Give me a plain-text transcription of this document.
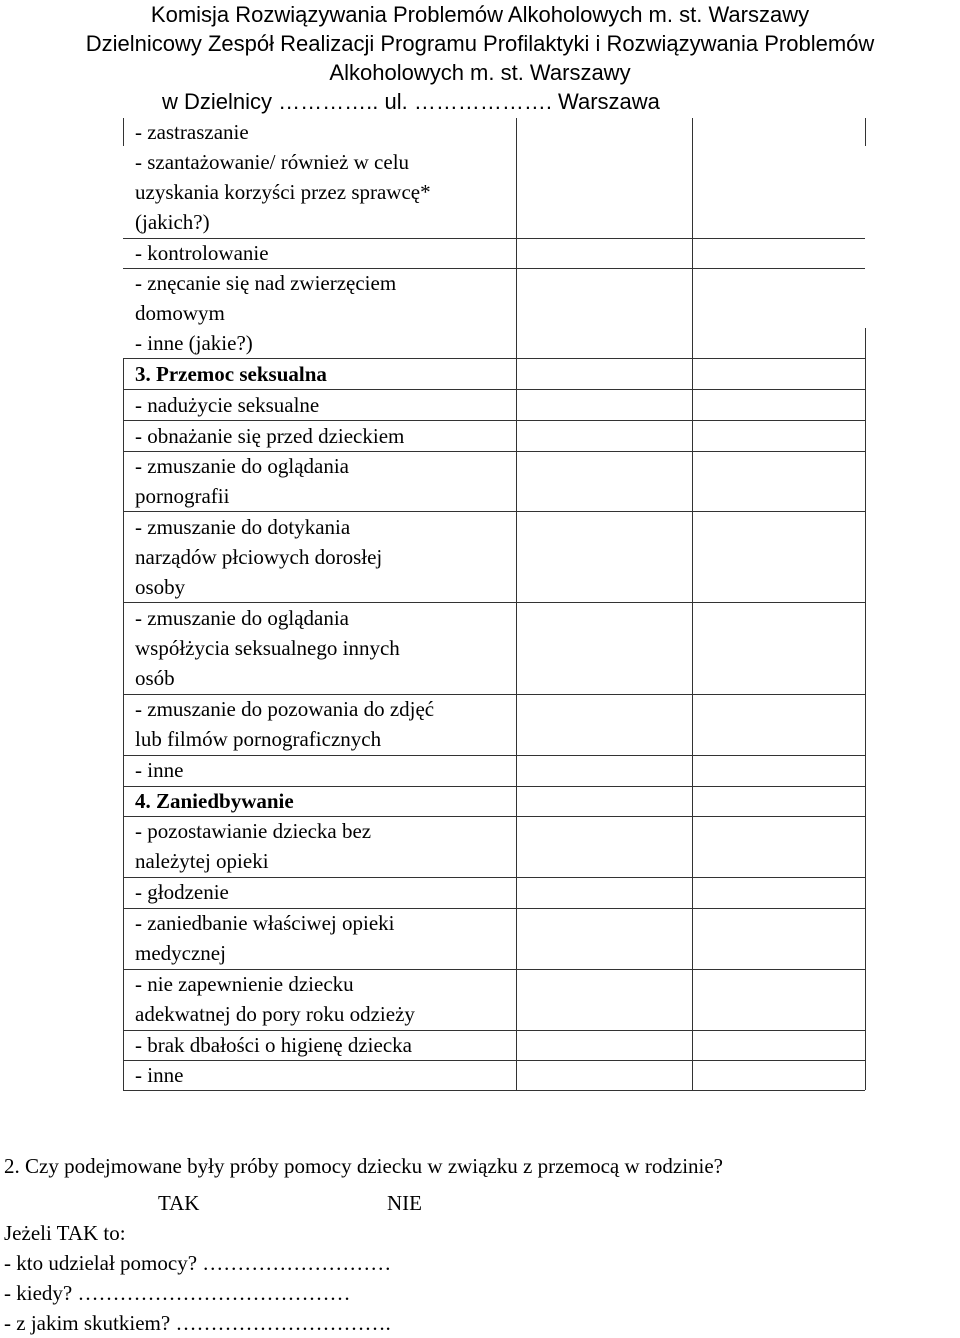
Komisja Rozwiązywania Problemów Alkoholowych m. st. Warszawy
Dzielnicowy Zespół Realizacji Programu Profilaktyki i Rozwiązywania Problemów
Alkoholowych m. st. Warszawy
w Dzielnicy ………….. ul. ………………. Warszawa
- zastraszanie
- szantażowanie/ również w celu
uzyskania korzyści przez sprawcę*
(jakich?)
- kontrolowanie
- znęcanie się nad zwierzęciem
domowym
- inne (jakie?)
3. Przemoc seksualna
- nadużycie seksualne
- obnażanie się przed dzieckiem
- zmuszanie do oglądania
pornografii
- zmuszanie do dotykania
narządów płciowych dorosłej
osoby
- zmuszanie do oglądania
współżycia seksualnego innych
osób
- zmuszanie do pozowania do zdjęć
lub filmów pornograficznych
- inne
4. Zaniedbywanie
- pozostawianie dziecka bez
należytej opieki
- głodzenie
- zaniedbanie właściwej opieki
medycznej
- nie zapewnienie dziecku
adekwatnej do pory roku odzieży
- brak dbałości o higienę dziecka
- inne
2. Czy podejmowane były próby pomocy dziecku w związku z przemocą w rodzinie?
TAK	NIE
Jeżeli TAK to:
- kto udzielał pomocy? ………………………
- kiedy? …………………………………
- z jakim skutkiem? ………………………….
